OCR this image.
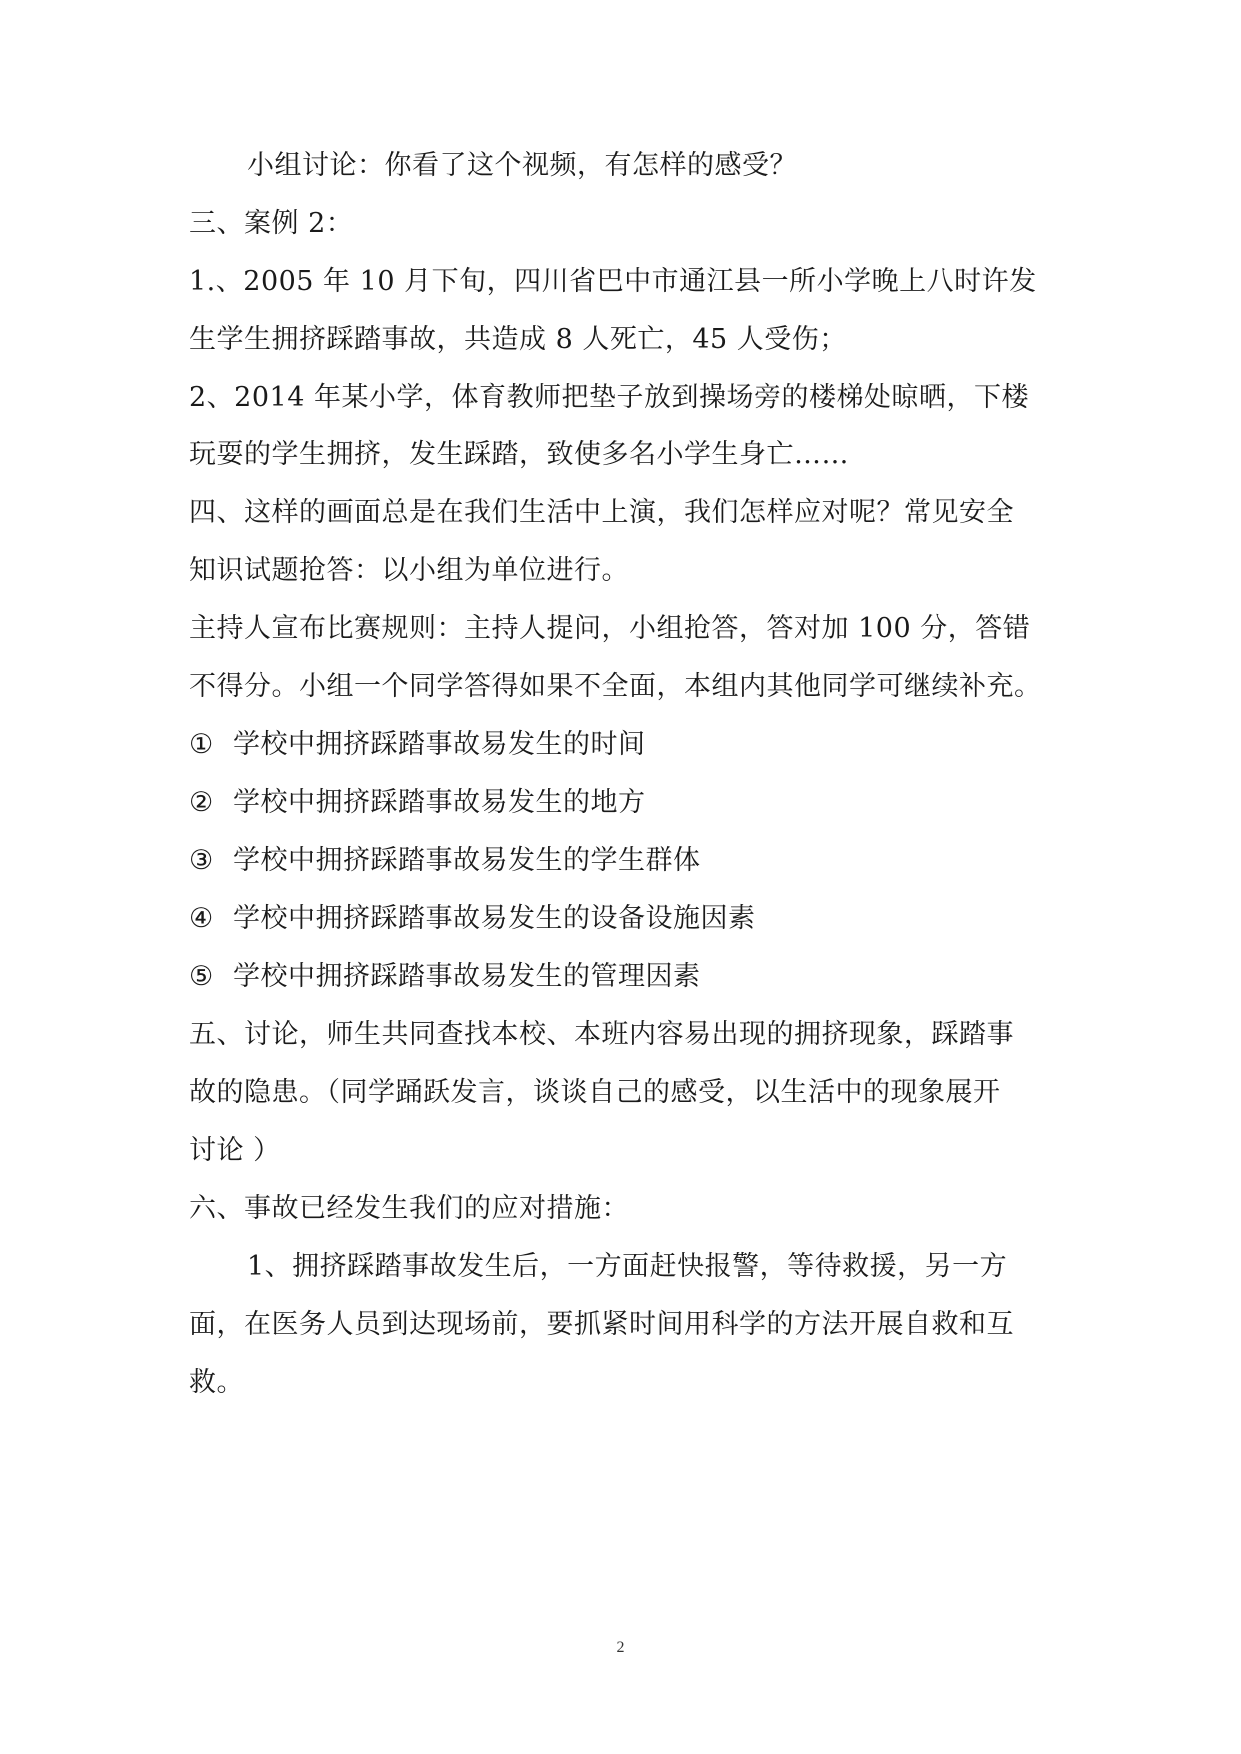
小组讨论：你看了这个视频，有怎样的感受？
三、案例 2：
1.、2005 年 10 月下旬，四川省巴中市通江县一所小学晚上八时许发
生学生拥挤踩踏事故，共造成 8 人死亡，45 人受伤；
2、2014 年某小学，体育教师把垫子放到操场旁的楼梯处晾晒，下楼
玩耍的学生拥挤，发生踩踏，致使多名小学生身亡……
四、这样的画面总是在我们生活中上演，我们怎样应对呢？常见安全
知识试题抢答：以小组为单位进行。
主持人宣布比赛规则：主持人提问，小组抢答，答对加 100 分，答错
不得分。小组一个同学答得如果不全面，本组内其他同学可继续补充。
① 学校中拥挤踩踏事故易发生的时间
② 学校中拥挤踩踏事故易发生的地方
③ 学校中拥挤踩踏事故易发生的学生群体
④ 学校中拥挤踩踏事故易发生的设备设施因素
⑤ 学校中拥挤踩踏事故易发生的管理因素
五、讨论，师生共同查找本校、本班内容易出现的拥挤现象，踩踏事
故的隐患。（同学踊跃发言，谈谈自己的感受，以生活中的现象展开
讨论 ）
六、事故已经发生我们的应对措施：
1、拥挤踩踏事故发生后，一方面赶快报警，等待救援，另一方
面，在医务人员到达现场前，要抓紧时间用科学的方法开展自救和互
救。
2
